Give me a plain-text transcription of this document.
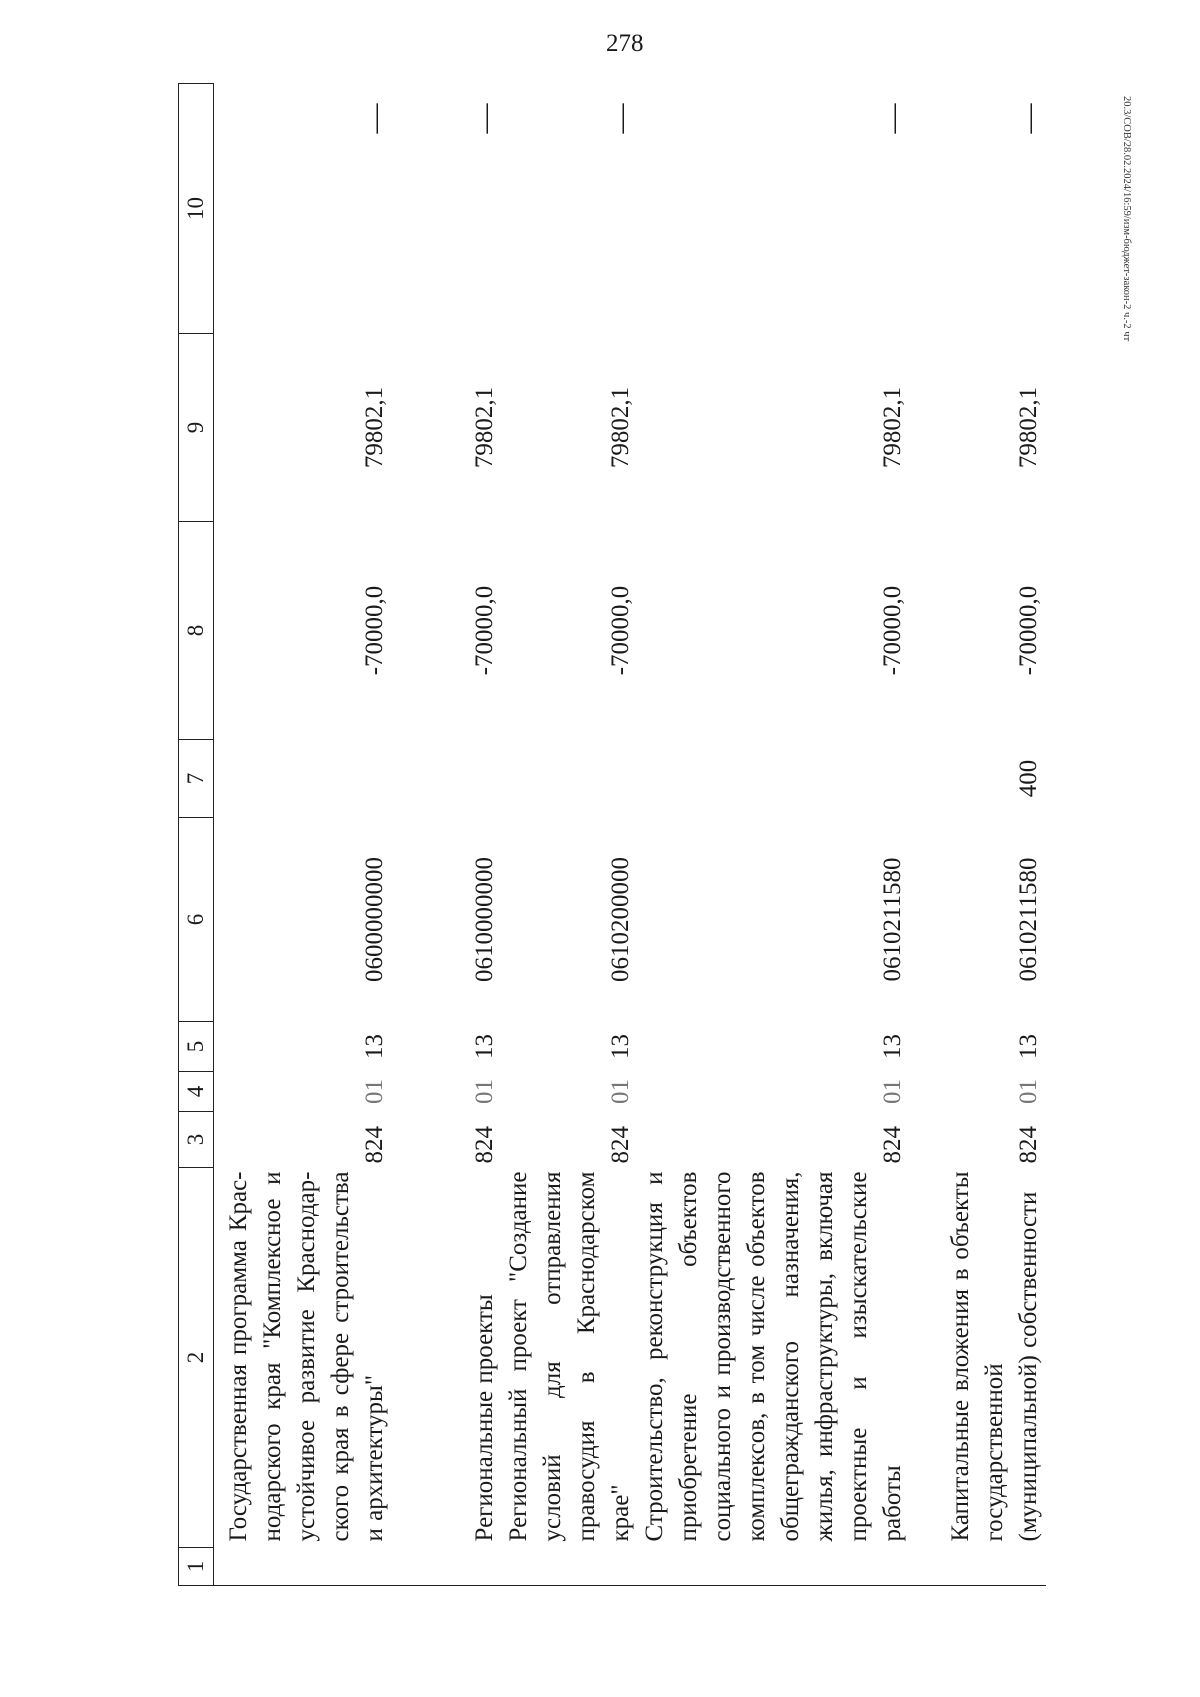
278
20.3/СОВ/28.02.2024/16:59/изм-бюджет-закон-2 ч.-2 чт
1	2	3	4	5	6	7	8	9	10
	Государственная программа Краснодарского края "Комплексное и устойчивое развитие Краснодарского края в сфере строительства и архитектуры"	824	01	13	0600000000		-70000,0	79802,1	—
	Региональные проекты	824	01	13	0610000000		-70000,0	79802,1	—
	Региональный проект "Создание условий для отправления правосудия в Краснодарском крае"	824	01	13	0610200000		-70000,0	79802,1	—
	Строительство, реконструкция и приобретение объектов социального и производственного комплексов, в том числе объектов общегражданского назначения, жилья, инфраструктуры, включая проектные и изыскательские работы	824	01	13	0610211580		-70000,0	79802,1	—
	Капитальные вложения в объекты государственной (муниципальной) собственности	824	01	13	0610211580	400	-70000,0	79802,1	—
